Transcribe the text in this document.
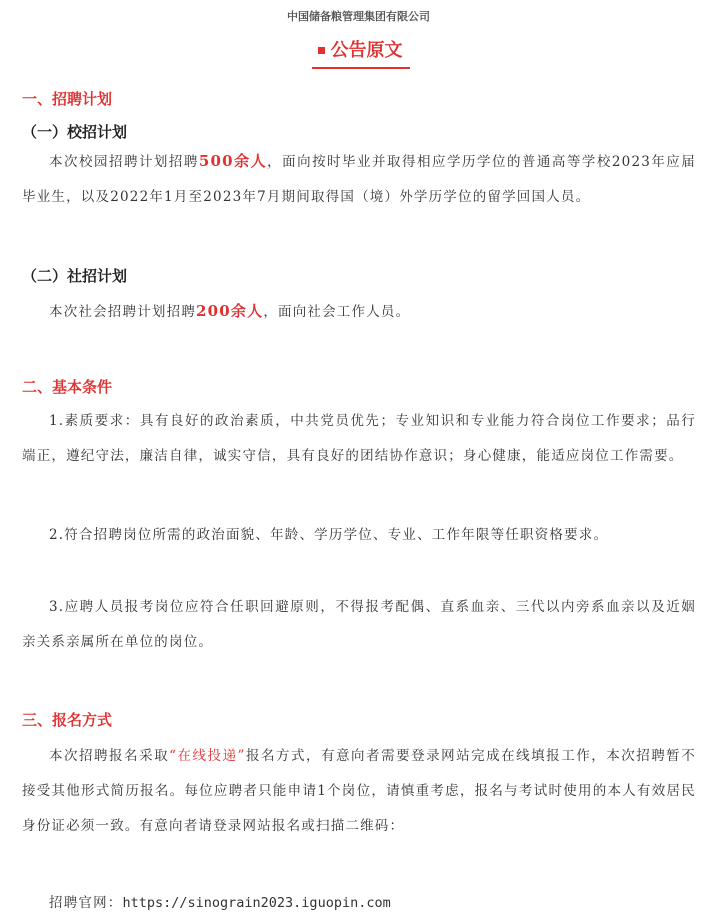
中国储备粮管理集团有限公司
公告原文
一、招聘计划
（一）校招计划
本次校园招聘计划招聘500余人，面向按时毕业并取得相应学历学位的普通高等学校2023年应届毕业生，以及2022年1月至2023年7月期间取得国（境）外学历学位的留学回国人员。
（二）社招计划
本次社会招聘计划招聘200余人，面向社会工作人员。
二、基本条件
1.素质要求：具有良好的政治素质，中共党员优先；专业知识和专业能力符合岗位工作要求；品行端正，遵纪守法，廉洁自律，诚实守信，具有良好的团结协作意识；身心健康，能适应岗位工作需要。
2.符合招聘岗位所需的政治面貌、年龄、学历学位、专业、工作年限等任职资格要求。
3.应聘人员报考岗位应符合任职回避原则，不得报考配偶、直系血亲、三代以内旁系血亲以及近姻亲关系亲属所在单位的岗位。
三、报名方式
本次招聘报名采取“在线投递”报名方式，有意向者需要登录网站完成在线填报工作，本次招聘暂不接受其他形式简历报名。每位应聘者只能申请1个岗位，请慎重考虑，报名与考试时使用的本人有效居民身份证必须一致。有意向者请登录网站报名或扫描二维码：
招聘官网：https://sinograin2023.iguopin.com
